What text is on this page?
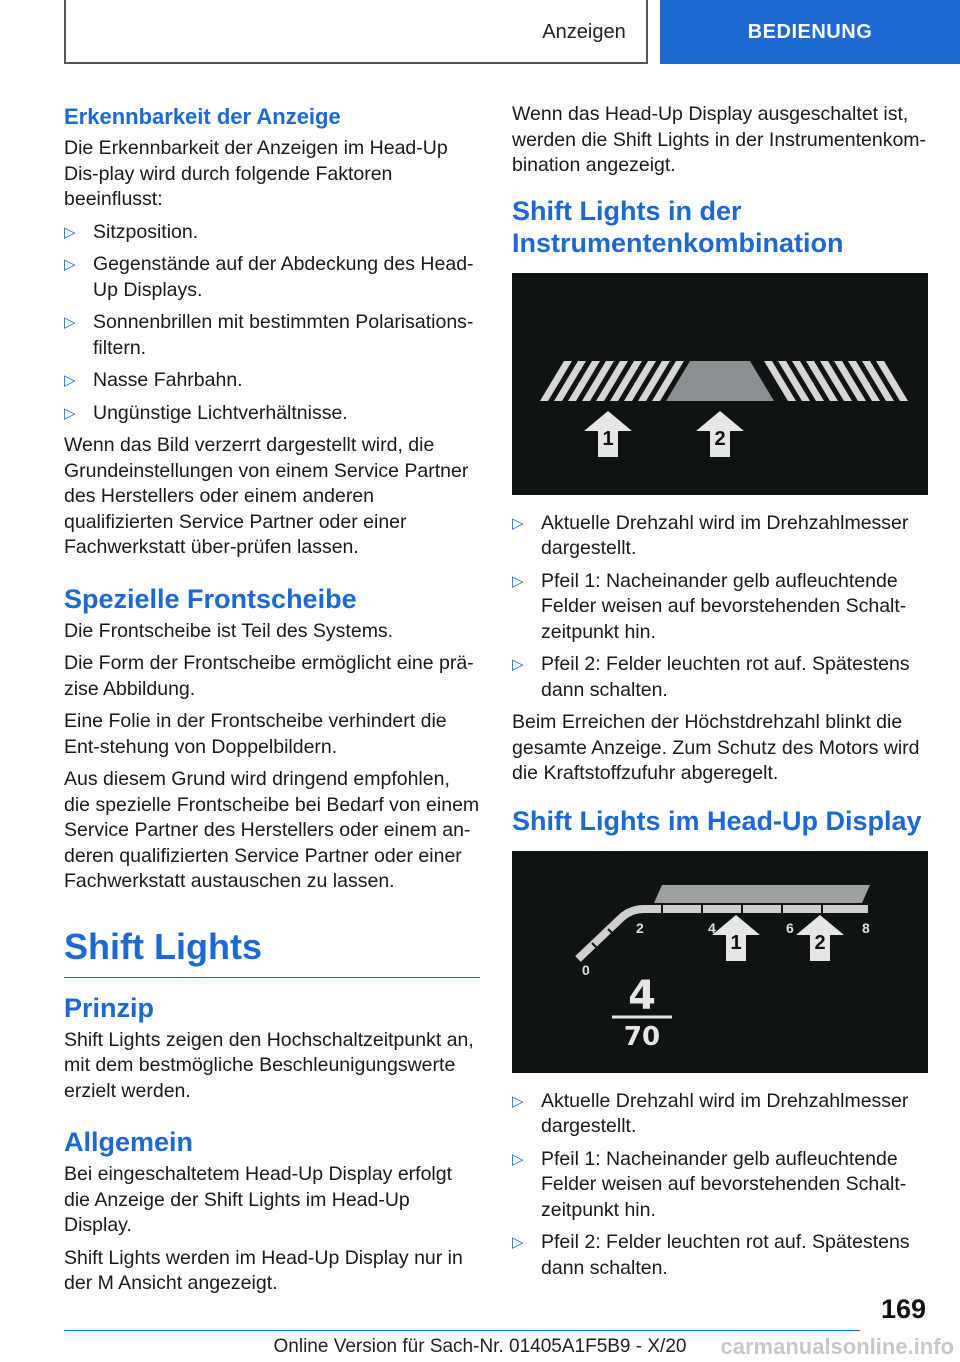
Anzeigen	BEDIENUNG
Erkennbarkeit der Anzeige

Die Erkennbarkeit der Anzeigen im Head-Up Dis-play wird durch folgende Faktoren beeinflusst:

▷ Sitzposition.
▷ Gegenstände auf der Abdeckung des Head-Up Displays.
▷ Sonnenbrillen mit bestimmten Polarisations-filtern.
▷ Nasse Fahrbahn.
▷ Ungünstige Lichtverhältnisse.

Wenn das Bild verzerrt dargestellt wird, die Grundeinstellungen von einem Service Partner des Herstellers oder einem anderen qualifizierten Service Partner oder einer Fachwerkstatt über-prüfen lassen.

Spezielle Frontscheibe

Die Frontscheibe ist Teil des Systems.

Die Form der Frontscheibe ermöglicht eine prä-zise Abbildung.

Eine Folie in der Frontscheibe verhindert die Ent-stehung von Doppelbildern.

Aus diesem Grund wird dringend empfohlen, die spezielle Frontscheibe bei Bedarf von einem Service Partner des Herstellers oder einem an-deren qualifizierten Service Partner oder einer Fachwerkstatt austauschen zu lassen.

Shift Lights
Prinzip

Shift Lights zeigen den Hochschaltzeitpunkt an, mit dem bestmögliche Beschleunigungswerte erzielt werden.

Allgemein

Bei eingeschaltetem Head-Up Display erfolgt die Anzeige der Shift Lights im Head-Up Display.

Shift Lights werden im Head-Up Display nur in der M Ansicht angezeigt.

Wenn das Head-Up Display ausgeschaltet ist, werden die Shift Lights in der Instrumentenkom-bination angezeigt.

Shift Lights in der Instrumentenkombination
1	2
▷ Aktuelle Drehzahl wird im Drehzahlmesser dargestellt.
▷ Pfeil 1: Nacheinander gelb aufleuchtende Felder weisen auf bevorstehenden Schalt-zeitpunkt hin.
▷ Pfeil 2: Felder leuchten rot auf. Spätestens dann schalten.

Beim Erreichen der Höchstdrehzahl blinkt die gesamte Anzeige. Zum Schutz des Motors wird die Kraftstoffzufuhr abgeregelt.

Shift Lights im Head-Up Display
0
2	4	6	8
1	2
4
70
▷ Aktuelle Drehzahl wird im Drehzahlmesser dargestellt.
▷ Pfeil 1: Nacheinander gelb aufleuchtende Felder weisen auf bevorstehenden Schalt-zeitpunkt hin.
▷ Pfeil 2: Felder leuchten rot auf. Spätestens dann schalten.
169
Online Version für Sach-Nr. 01405A1F5B9 - X/20	carmanualsonline.info
